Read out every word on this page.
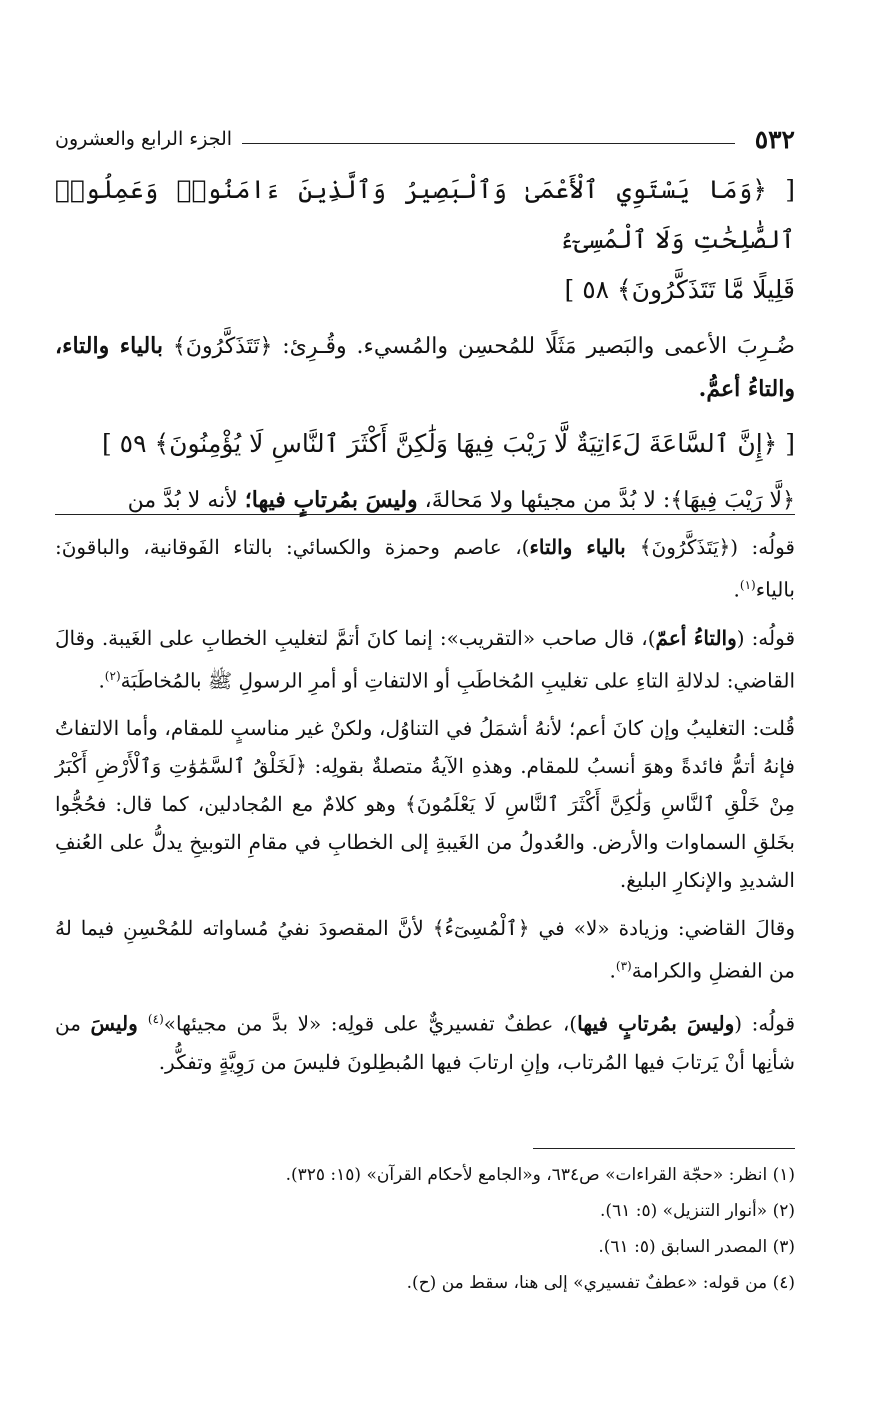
٥٣٢
الجزء الرابع والعشرون

[ ﴿وَمَا يَسْتَوِي ٱلْأَعْمَىٰ وَٱلْبَصِيرُ وَٱلَّذِينَ ءَامَنُوا۟ وَعَمِلُوا۟ ٱلصَّٰلِحَٰتِ وَلَا ٱلْمُسِىٓءُ
قَلِيلًا مَّا تَتَذَكَّرُونَ﴾ ٥٨ ]

ضُـرِبَ الأعمى والبَصير مَثَلًا للمُحسِن والمُسيء. وقُـرِئ: ﴿تَتَذَكَّرُونَ﴾ بالياء والتاء، والتاءُ أعمُّ.

[ ﴿إِنَّ ٱلسَّاعَةَ لَءَاتِيَةٌ لَّا رَيْبَ فِيهَا وَلَٰكِنَّ أَكْثَرَ ٱلنَّاسِ لَا يُؤْمِنُونَ﴾ ٥٩ ]

﴿لَّا رَيْبَ فِيهَا﴾: لا بُدَّ من مجيئها ولا مَحالةَ، وليسَ بمُرتابٍ فيها؛ لأنه لا بُدَّ من

قولُه: (﴿يَتَذَكَّرُونَ﴾ بالياء والتاء)، عاصم وحمزة والكسائي: بالتاء الفَوقانية، والباقونَ: بالياء$^{(١)}$.

قولُه: (والتاءُ أعمّ)، قال صاحب «التقريب»: إنما كانَ أتمَّ لتغليبِ الخطابِ على الغَيبة. وقالَ القاضي: لدلالةِ التاءِ على تغليبِ المُخاطَبِ أو الالتفاتِ أو أمرِ الرسولِ ﷺ بالمُخاطَبَة$^{(٢)}$.

قُلت: التغليبُ وإن كانَ أعم؛ لأنهُ أشمَلُ في التناوُل، ولكنْ غير مناسبٍ للمقام، وأما الالتفاتُ فإنهُ أتمُّ فائدةً وهوَ أنسبُ للمقام. وهذهِ الآيةُ متصلةٌ بقولِه: ﴿لَخَلْقُ ٱلسَّمَٰوَٰتِ وَٱلْأَرْضِ أَكْبَرُ مِنْ خَلْقِ ٱلنَّاسِ وَلَٰكِنَّ أَكْثَرَ ٱلنَّاسِ لَا يَعْلَمُونَ﴾ وهو كلامٌ مع المُجادلين، كما قال: فحُجُّوا بخَلقِ السماوات والأرض. والعُدولُ من الغَيبةِ إلى الخطابِ في مقامِ التوبيخِ يدلُّ على العُنفِ الشديدِ والإنكارِ البليغ.

وقالَ القاضي: وزيادة «لا» في ﴿ٱلْمُسِىٓءُ﴾ لأنَّ المقصودَ نفيُ مُساواته للمُحْسِنِ فيما لهُ من الفضلِ والكرامة$^{(٣)}$.

قولُه: (وليسَ بمُرتابٍ فيها)، عطفٌ تفسيريٌّ على قولِه: «لا بدَّ من مجيئها»$^{(٤)}$ وليسَ من شأنِها أنْ يَرتابَ فيها المُرتاب، وإنِ ارتابَ فيها المُبطِلونَ فليسَ من رَوِيَّةٍ وتفكُّر.

(١) انظر: «حجّة القراءات» ص٦٣٤، و«الجامع لأحكام القرآن» (١٥: ٣٢٥).

(٢) «أنوار التنزيل» (٥: ٦١).

(٣) المصدر السابق (٥: ٦١).

(٤) من قوله: «عطفٌ تفسيري» إلى هنا، سقط من (ح).
